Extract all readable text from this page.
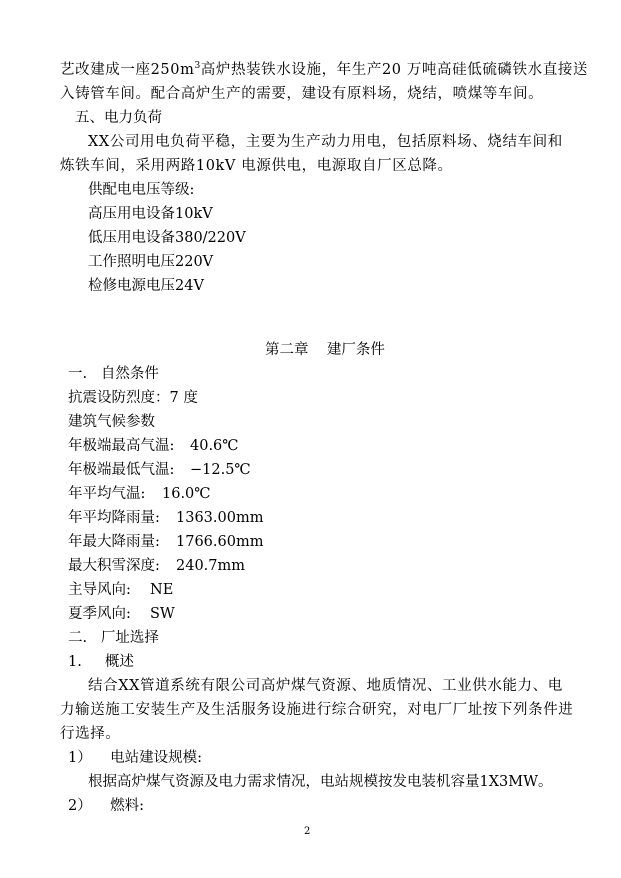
艺改建成一座$250m^3$高炉热装铁水设施，年生产20 万吨高硅低硫磷铁水直接送
入铸管车间。配合高炉生产的需要，建设有原料场，烧结，喷煤等车间。
五、电力负荷
XX公司用电负荷平稳，主要为生产动力用电，包括原料场、烧结车间和
炼铁车间，采用两路10kV 电源供电，电源取自厂区总降。
供配电电压等级:
高压用电设备10kV
低压用电设备380/220V
工作照明电压220V
检修电源电压24V
第二章    建厂条件
一.   自然条件
抗震设防烈度：7 度
建筑气候参数
年极端最高气温: 40.6℃
年极端最低气温: −12.5℃
年平均气温: 16.0℃
年平均降雨量: 1363.00mm
年最大降雨量: 1766.60mm
最大积雪深度: 240.7mm
主导风向: NE
夏季风向: SW
二.   厂址选择
1.     概述
结合XX管道系统有限公司高炉煤气资源、地质情况、工业供水能力、电
力输送施工安装生产及生活服务设施进行综合研究，对电厂厂址按下列条件进
行选择。
1）    电站建设规模:
根据高炉煤气资源及电力需求情况，电站规模按发电装机容量1X3MW。
2）    燃料:
2
